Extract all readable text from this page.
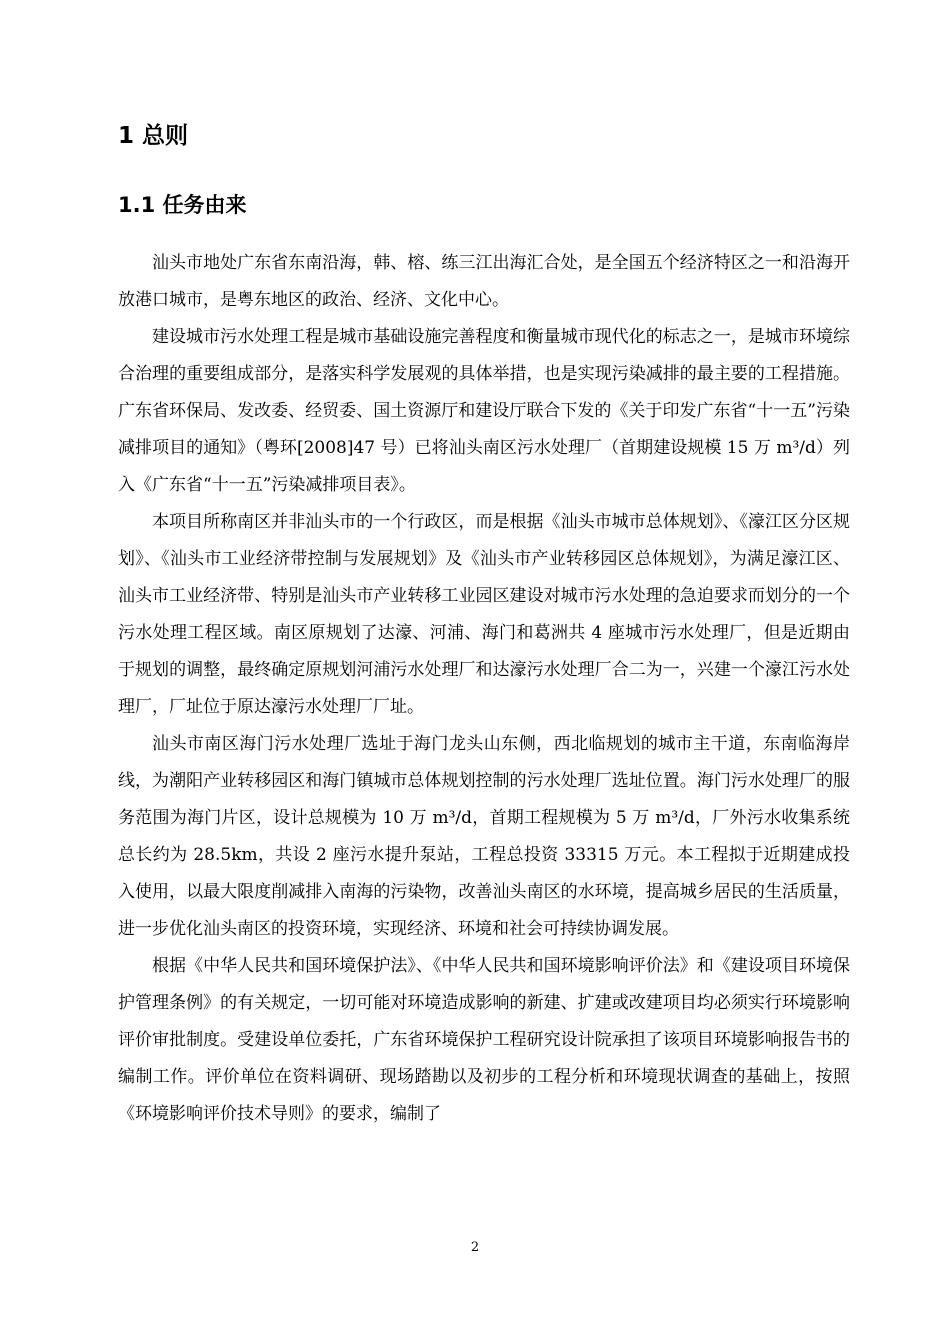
1 总则
1.1 任务由来

汕头市地处广东省东南沿海，韩、榕、练三江出海汇合处，是全国五个经济特区之一和沿海开放港口城市，是粤东地区的政治、经济、文化中心。

建设城市污水处理工程是城市基础设施完善程度和衡量城市现代化的标志之一，是城市环境综合治理的重要组成部分，是落实科学发展观的具体举措，也是实现污染减排的最主要的工程措施。广东省环保局、发改委、经贸委、国土资源厅和建设厅联合下发的《关于印发广东省“十一五”污染减排项目的通知》（粤环[2008]47 号）已将汕头南区污水处理厂（首期建设规模 15 万 m³/d）列入《广东省“十一五”污染减排项目表》。

本项目所称南区并非汕头市的一个行政区，而是根据《汕头市城市总体规划》、《濠江区分区规划》、《汕头市工业经济带控制与发展规划》及《汕头市产业转移园区总体规划》，为满足濠江区、汕头市工业经济带、特别是汕头市产业转移工业园区建设对城市污水处理的急迫要求而划分的一个污水处理工程区域。南区原规划了达濠、河浦、海门和葛洲共 4 座城市污水处理厂，但是近期由于规划的调整，最终确定原规划河浦污水处理厂和达濠污水处理厂合二为一，兴建一个濠江污水处理厂，厂址位于原达濠污水处理厂厂址。

汕头市南区海门污水处理厂选址于海门龙头山东侧，西北临规划的城市主干道，东南临海岸线，为潮阳产业转移园区和海门镇城市总体规划控制的污水处理厂选址位置。海门污水处理厂的服务范围为海门片区，设计总规模为 10 万 m³/d，首期工程规模为 5 万 m³/d，厂外污水收集系统总长约为 28.5km，共设 2 座污水提升泵站，工程总投资 33315 万元。本工程拟于近期建成投入使用，以最大限度削减排入南海的污染物，改善汕头南区的水环境，提高城乡居民的生活质量，进一步优化汕头南区的投资环境，实现经济、环境和社会可持续协调发展。

根据《中华人民共和国环境保护法》、《中华人民共和国环境影响评价法》和《建设项目环境保护管理条例》的有关规定，一切可能对环境造成影响的新建、扩建或改建项目均必须实行环境影响评价审批制度。受建设单位委托，广东省环境保护工程研究设计院承担了该项目环境影响报告书的编制工作。评价单位在资料调研、现场踏勘以及初步的工程分析和环境现状调查的基础上，按照《环境影响评价技术导则》的要求，编制了

2
